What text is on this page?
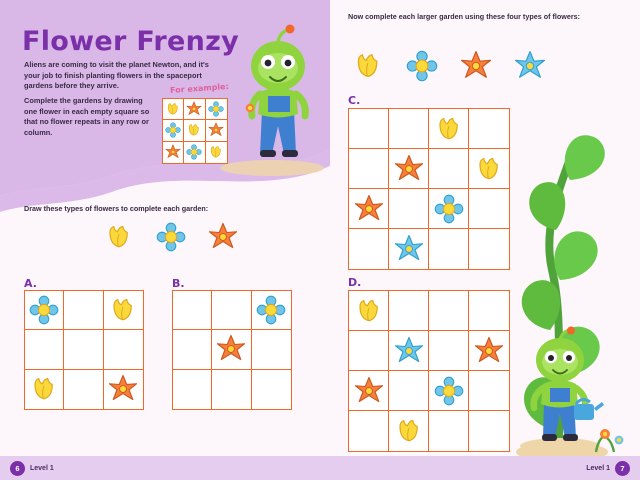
Flower Frenzy
Aliens are coming to visit the planet Newton, and it's your job to finish planting flowers in the spaceport gardens before they arrive.
Complete the gardens by drawing one flower in each empty square so that no flower repeats in any row or column.
For example:
Draw these types of flowers to complete each garden:
A.	B.
Now complete each larger garden using these four types of flowers:
C.
D.
6	Level 1	Level 1	7
